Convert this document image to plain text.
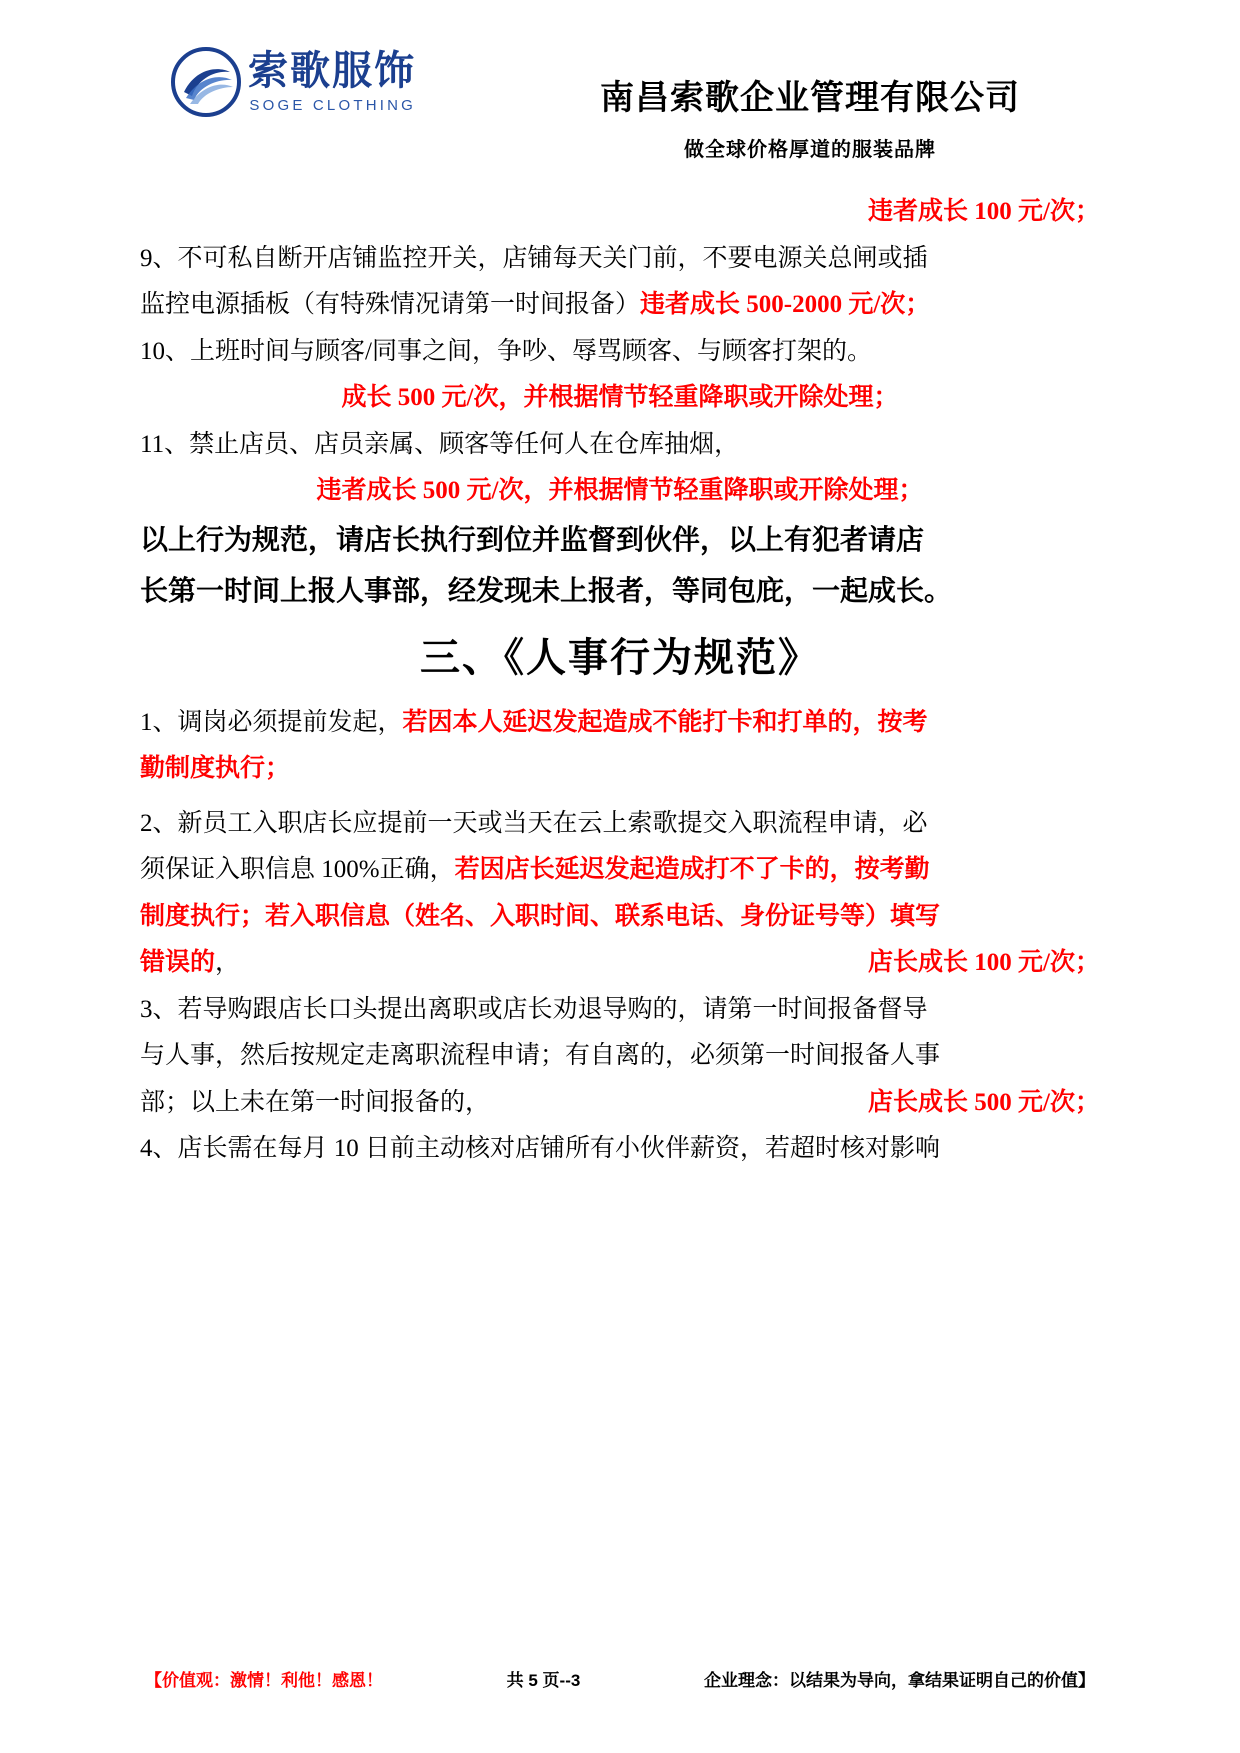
索歌服饰
SOGE CLOTHING	南昌索歌企业管理有限公司
做全球价格厚道的服装品牌

违者成长 100 元/次；

9、不可私自断开店铺监控开关，店铺每天关门前，不要电源关总闸或插

监控电源插板（有特殊情况请第一时间报备）违者成长 500-2000 元/次；

10、上班时间与顾客/同事之间，争吵、辱骂顾客、与顾客打架的。

成长 500 元/次，并根据情节轻重降职或开除处理；

11、禁止店员、店员亲属、顾客等任何人在仓库抽烟，

违者成长 500 元/次，并根据情节轻重降职或开除处理；

以上行为规范，请店长执行到位并监督到伙伴，以上有犯者请店

长第一时间上报人事部，经发现未上报者，等同包庇，一起成长。

三、《人事行为规范》

1、调岗必须提前发起，若因本人延迟发起造成不能打卡和打单的，按考

勤制度执行；

2、新员工入职店长应提前一天或当天在云上索歌提交入职流程申请，必

须保证入职信息 100%正确，若因店长延迟发起造成打不了卡的，按考勤

制度执行；若入职信息（姓名、入职时间、联系电话、身份证号等）填写

错误的，	店长成长 100 元/次；

3、若导购跟店长口头提出离职或店长劝退导购的，请第一时间报备督导

与人事，然后按规定走离职流程申请；有自离的，必须第一时间报备人事

部；以上未在第一时间报备的，	店长成长 500 元/次；

4、店长需在每月 10 日前主动核对店铺所有小伙伴薪资，若超时核对影响

【价值观：激情！利他！感恩！	共 5 页--3	企业理念：以结果为导向，拿结果证明自己的价值】
